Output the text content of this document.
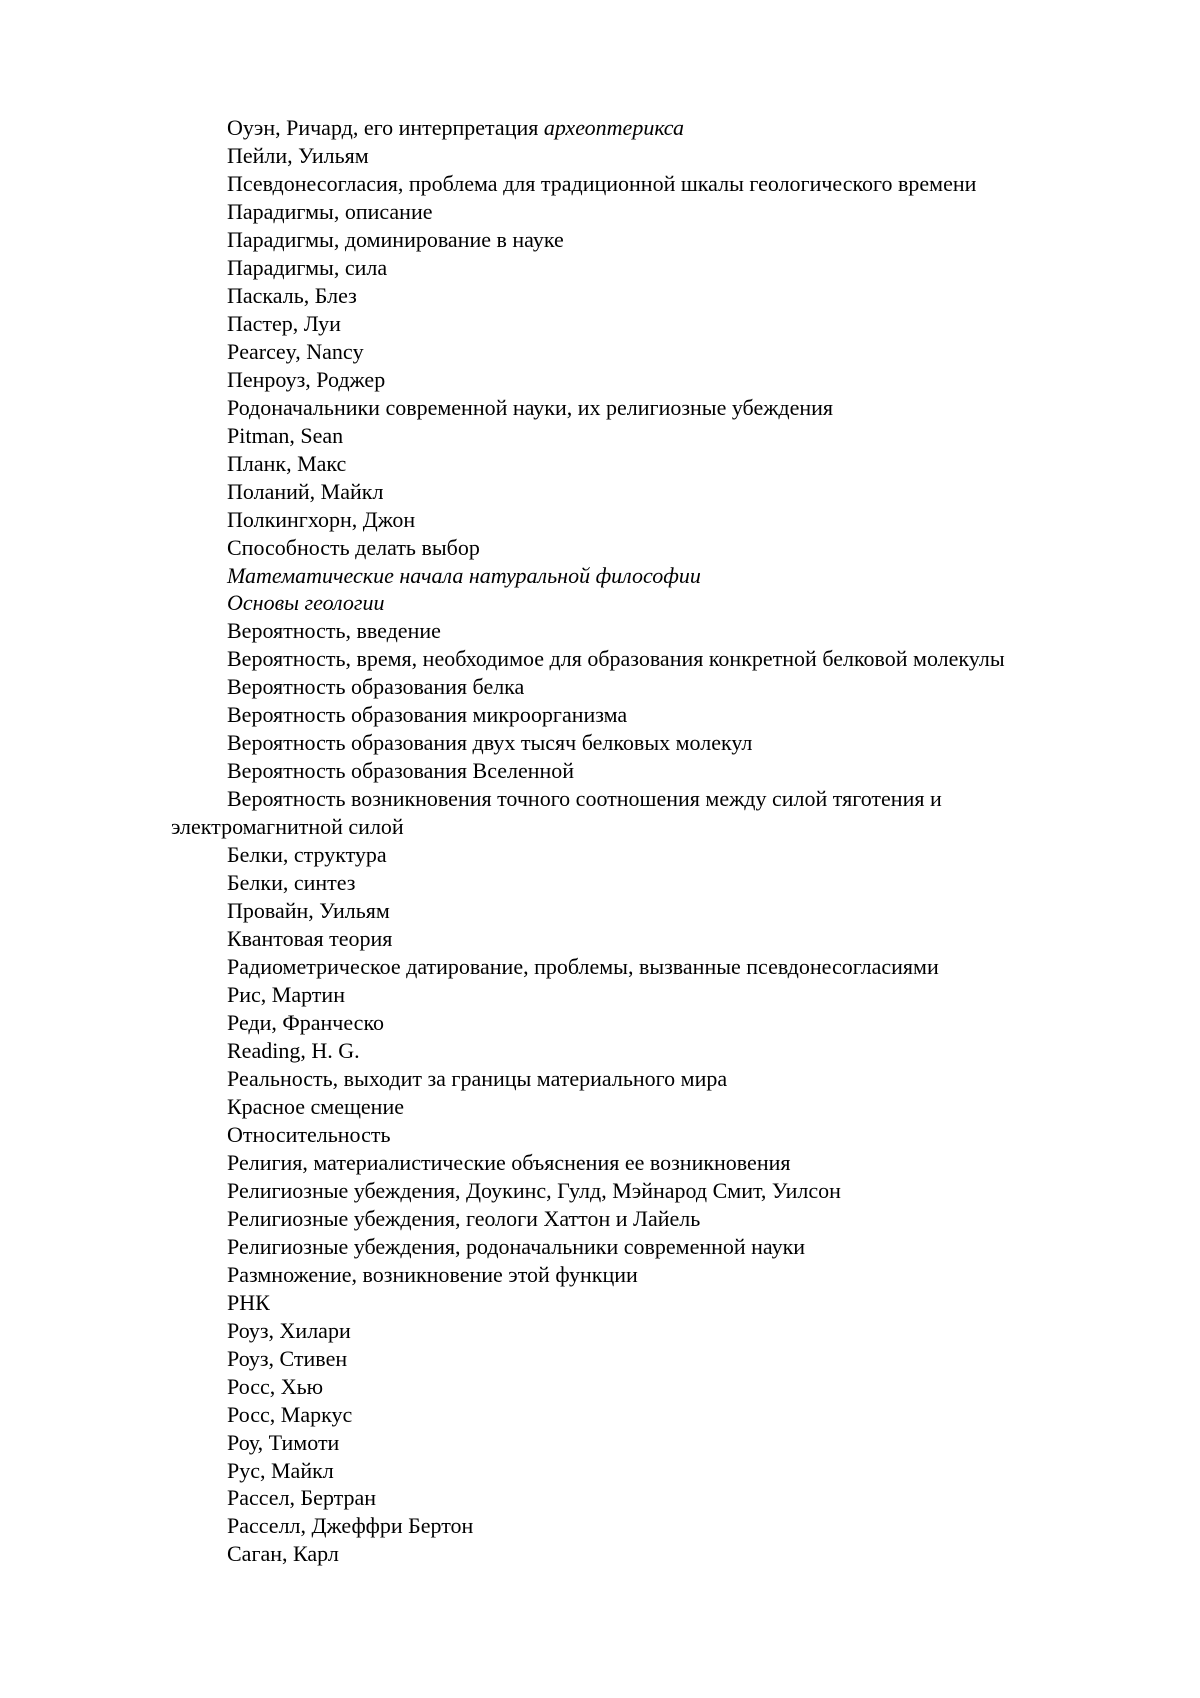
Оуэн, Ричард, его интерпретация археоптерикса
Пейли, Уильям
Псевдонесогласия, проблема для традиционной шкалы геологического времени
Парадигмы, описание
Парадигмы, доминирование в науке
Парадигмы, сила
Паскаль, Блез
Пастер, Луи
Pearcey, Nancy
Пенроуз, Роджер
Родоначальники современной науки, их религиозные убеждения
Pitman, Sean
Планк, Макс
Поланий, Майкл
Полкингхорн, Джон
Способность делать выбор
Математические начала натуральной философии
Основы геологии
Вероятность, введение
Вероятность, время, необходимое для образования конкретной белковой молекулы
Вероятность образования белка
Вероятность образования микроорганизма
Вероятность образования двух тысяч белковых молекул
Вероятность образования Вселенной
Вероятность возникновения точного соотношения между силой тяготения и электромагнитной силой
Белки, структура
Белки, синтез
Провайн, Уильям
Квантовая теория
Радиометрическое датирование, проблемы, вызванные псевдонесогласиями
Рис, Мартин
Реди, Франческо
Reading, H. G.
Реальность, выходит за границы материального мира
Красное смещение
Относительность
Религия, материалистические объяснения ее возникновения
Религиозные убеждения, Доукинс, Гулд, Мэйнарод Смит, Уилсон
Религиозные убеждения, геологи Хаттон и Лайель
Религиозные убеждения, родоначальники современной науки
Размножение, возникновение этой функции
РНК
Роуз, Хилари
Роуз, Стивен
Росс, Хью
Росс, Маркус
Роу, Тимоти
Рус, Майкл
Рассел, Бертран
Расселл, Джеффри Бертон
Саган, Карл
